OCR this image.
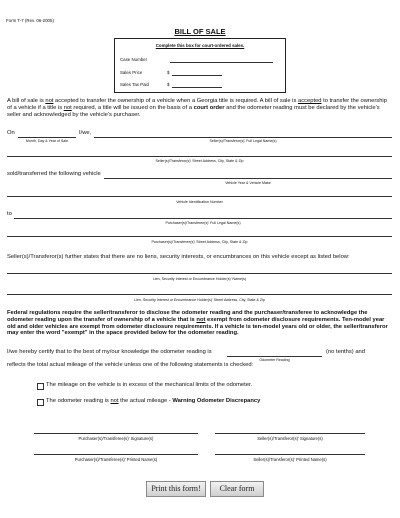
Form T-7 (Rev. 06-2005)
BILL OF SALE
Complete this box for court-ordered sales.
Case Number
Sales Price	$
Sales Tax Paid	$
A bill of sale is not accepted to transfer the ownership of a vehicle when a Georgia title is required. A bill of sale is accepted to transfer the ownership of a vehicle if a title is not required, a title will be issued on the basis of a court order and the odometer reading must be declared by the vehicle's seller and acknowledged by the vehicle's purchaser.
On	I/we,
Month, Day & Year of Sale	Seller(s)/Transferor(s)' Full Legal Name(s)
Seller(s)/Transferor(s)' Street Address, City, State & Zip
sold/transferred the following vehicle
Vehicle Year & Vehicle Make
Vehicle Identification Number
to
Purchaser(s)/Transferee(s)' Full Legal Name(s)
Purchaser(s)/Transferee(s)' Street Address, City, State & Zip
Seller(s)/Transferor(s) further states that there are no liens, security interests, or encumbrances on this vehicle except as listed below:
Lien, Security Interest or Encumbrance Holder(s)' Name(s)
Lien, Security Interest or Encumbrance Holder(s)' Street Address, City, State & Zip
Federal regulations require the seller/transferor to disclose the odometer reading and the purchaser/transferee to acknowledge the odometer reading upon the transfer of ownership of a vehicle that is not exempt from odometer disclosure requirements. Ten-model year old and older vehicles are exempt from odometer disclosure requirements. If a vehicle is ten-model years old or older, the seller/transferor may enter the word "exempt" in the space provided below for the odometer reading.
I/we hereby certify that to the best of my/our knowledge the odometer reading is	(no tenths) and
Odometer Reading
reflects the total actual mileage of the vehicle unless one of the following statements is checked:
The mileage on the vehicle is in excess of the mechanical limits of the odometer.
The odometer reading is not the actual mileage - Warning Odometer Discrepancy
Purchaser(s)/Transferee(s)' Signature(s)	Seller(s)/Transferor(s)' Signature(s)
Purchaser(s)/Transferee(s)' Printed Name(s)	Seller(s)/Transferor(s)' Printed Name(s)
Print this form!	Clear form
